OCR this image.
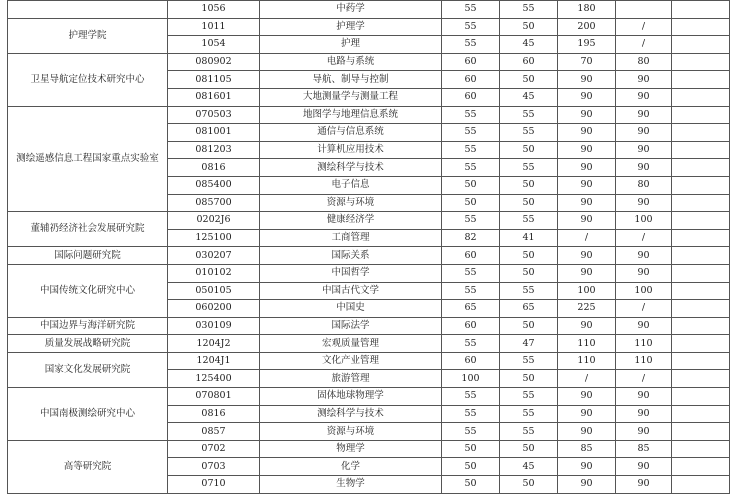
	1056	中药学	55	55	180			
护理学院	1011	护理学	55	50	200	/		
	1054	护理	55	45	195	/		
卫星导航定位技术研究中心	080902	电路与系统	60	60	70	80		
	081105	导航、制导与控制	60	50	90	90		
	081601	大地测量学与测量工程	60	45	90	90		
测绘遥感信息工程国家重点实验室	070503	地图学与地理信息系统	55	55	90	90		
	081001	通信与信息系统	55	55	90	90		
	081203	计算机应用技术	55	50	90	90		
	0816	测绘科学与技术	55	55	90	90		
	085400	电子信息	50	50	90	80		
	085700	资源与环境	50	50	90	90		
董辅礽经济社会发展研究院	0202J6	健康经济学	55	55	90	100		
	125100	工商管理	82	41	/	/		
国际问题研究院	030207	国际关系	60	50	90	90		
中国传统文化研究中心	010102	中国哲学	55	50	90	90		
	050105	中国古代文学	55	55	100	100		
	060200	中国史	65	65	225	/		
中国边界与海洋研究院	030109	国际法学	60	50	90	90		
质量发展战略研究院	1204J2	宏观质量管理	55	47	110	110		
国家文化发展研究院	1204J1	文化产业管理	60	55	110	110		
	125400	旅游管理	100	50	/	/		
中国南极测绘研究中心	070801	固体地球物理学	55	55	90	90		
	0816	测绘科学与技术	55	55	90	90		
	0857	资源与环境	55	55	90	90		
高等研究院	0702	物理学	50	50	85	85		
	0703	化学	50	45	90	90		
	0710	生物学	50	50	90	90		
